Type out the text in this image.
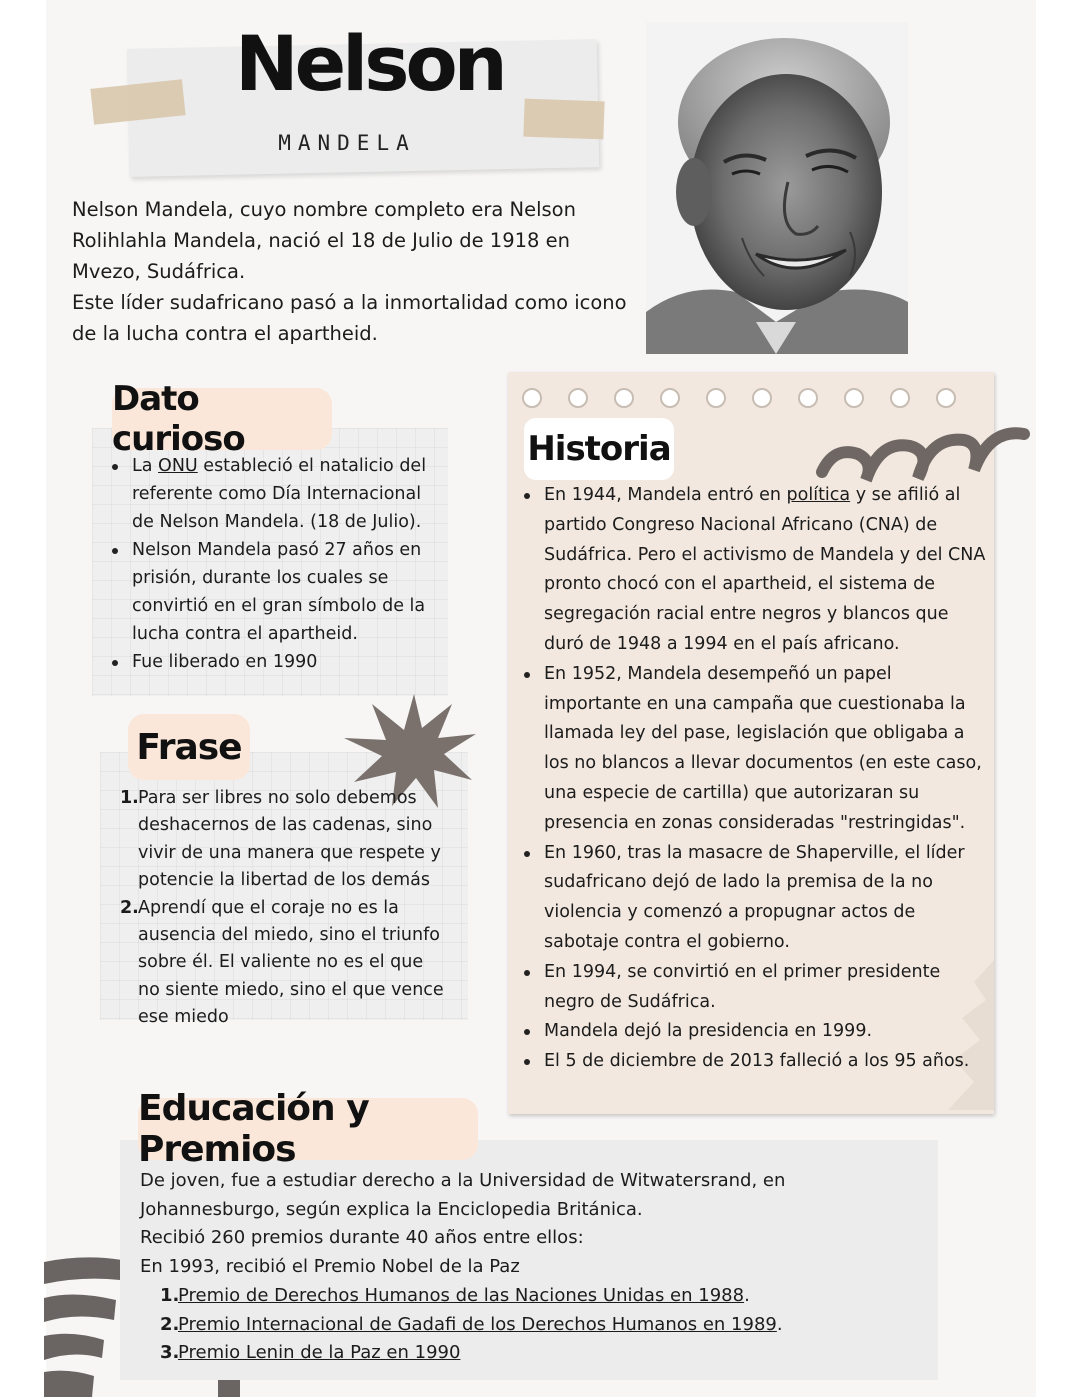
Nelson
MANDELA

Nelson Mandela, cuyo nombre completo era Nelson Rolihlahla Mandela, nació el 18 de Julio de 1918 en Mvezo, Sudáfrica.

Este líder sudafricano pasó a la inmortalidad como icono de la lucha contra el apartheid.

Dato curioso
La ONU estableció el natalicio del referente como Día Internacional de Nelson Mandela. (18 de Julio).
Nelson Mandela pasó 27 años en prisión, durante los cuales se convirtió en el gran símbolo de la lucha contra el apartheid.
Fue liberado en 1990
Frase
1. Para ser libres no solo debemos deshacernos de las cadenas, sino vivir de una manera que respete y potencie la libertad de los demás
2. Aprendí que el coraje no es la ausencia del miedo, sino el triunfo sobre él. El valiente no es el que no siente miedo, sino el que vence ese miedo
Historia
En 1944, Mandela entró en política y se afilió al partido Congreso Nacional Africano (CNA) de Sudáfrica. Pero el activismo de Mandela y del CNA pronto chocó con el apartheid, el sistema de segregación racial entre negros y blancos que duró de 1948 a 1994 en el país africano.
En 1952, Mandela desempeñó un papel importante en una campaña que cuestionaba la llamada ley del pase, legislación que obligaba a los no blancos a llevar documentos (en este caso, una especie de cartilla) que autorizaran su presencia en zonas consideradas "restringidas".
En 1960, tras la masacre de Shaperville, el líder sudafricano dejó de lado la premisa de la no violencia y comenzó a propugnar actos de sabotaje contra el gobierno.
En 1994, se convirtió en el primer presidente negro de Sudáfrica.
Mandela dejó la presidencia en 1999.
El 5 de diciembre de 2013 falleció a los 95 años.
Educación y Premios

De joven, fue a estudiar derecho a la Universidad de Witwatersrand, en Johannesburgo, según explica la Enciclopedia Británica.

Recibió 260 premios durante 40 años entre ellos:

En 1993, recibió el Premio Nobel de la Paz

1.
Premio de Derechos Humanos de las Naciones Unidas en 1988.
2.
Premio Internacional de Gadafi de los Derechos Humanos en 1989.
3.
Premio Lenin de la Paz en 1990
